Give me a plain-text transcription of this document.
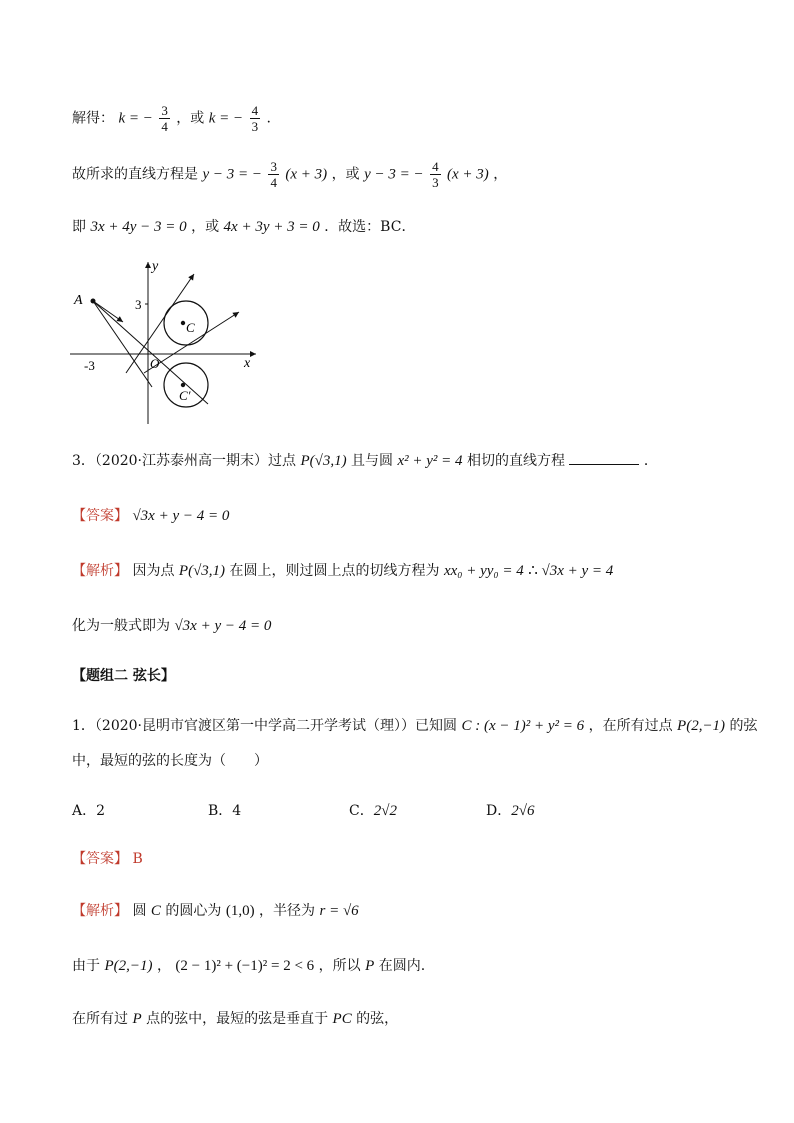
解得： k = − $\frac{3}{4}$ ，或 k = − $\frac{4}{3}$ .
故所求的直线方程是 y − 3 = − $\frac{3}{4} (x + 3)$ ，或 y − 3 = − $\frac{4}{3} (x + 3)$ ，
即 3x + 4y − 3 = 0 ，或 4x + 3y + 3 = 0 ．故选：BC．
A
y
x
3
-3	O
C
C′
3．（2020·江苏泰州高一期末）过点 P(√3,1) 且与圆 x² + y² = 4 相切的直线方程	．
【答案】 √3x + y − 4 = 0
【解析】 因为点 P(√3,1) 在圆上，则过圆上点的切线方程为 xx₀ + yy₀ = 4 ∴ √3x + y = 4
化为一般式即为 √3x + y − 4 = 0
【题组二 弦长】
1．（2020·昆明市官渡区第一中学高二开学考试（理））已知圆 C : (x − 1)² + y² = 6 ，在所有过点 P(2,−1) 的弦
中，最短的弦的长度为（　　）
A．2	B．4	C．2√2	D．2√6
【答案】 B
【解析】 圆 C 的圆心为 (1,0) ，半径为 r = √6
由于 P(2,−1) ， (2 − 1)² + (−1)² = 2 < 6 ，所以 P 在圆内.
在所有过 P 点的弦中，最短的弦是垂直于 PC 的弦，
